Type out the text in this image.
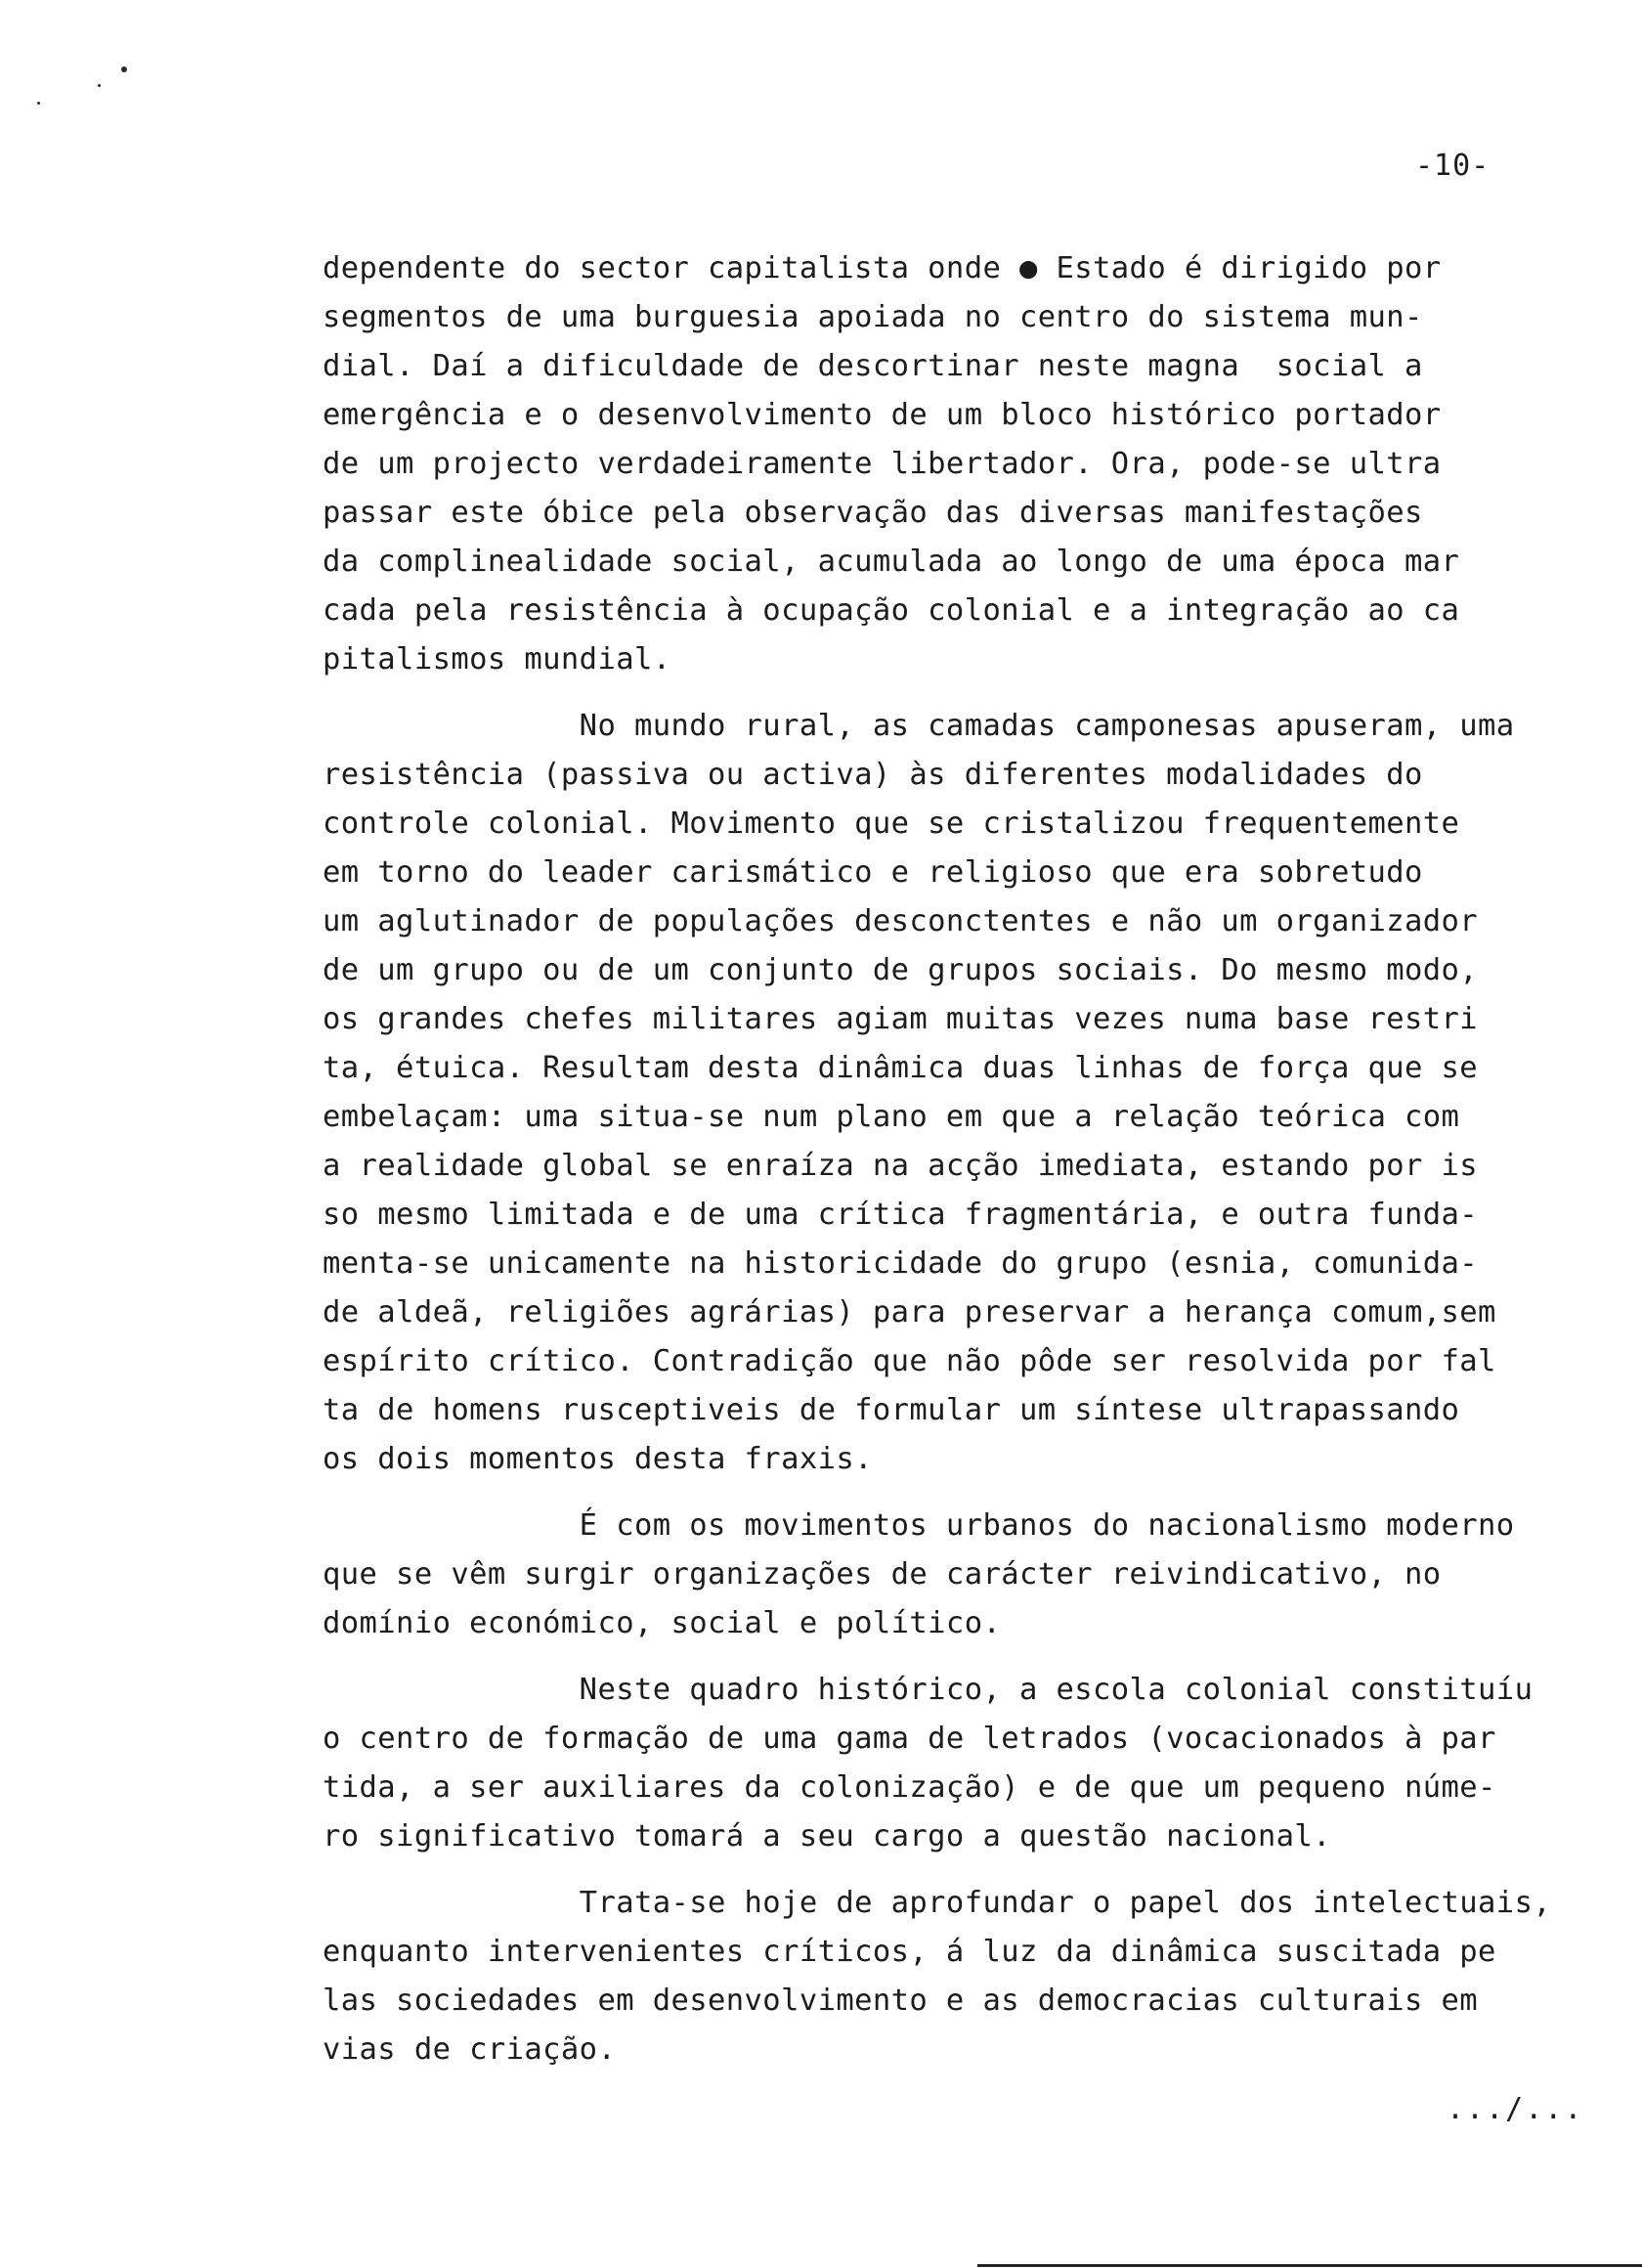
-10-
dependente do sector capitalista onde ● Estado é dirigido por
segmentos de uma burguesia apoiada no centro do sistema mun-
dial. Daí a dificuldade de descortinar neste magna  social a
emergência e o desenvolvimento de um bloco histórico portador
de um projecto verdadeiramente libertador. Ora, pode-se ultra
passar este óbice pela observação das diversas manifestações
da complinealidade social, acumulada ao longo de uma época mar
cada pela resistência à ocupação colonial e a integração ao ca
pitalismos mundial.
No mundo rural, as camadas camponesas apuseram, uma
resistência (passiva ou activa) às diferentes modalidades do
controle colonial. Movimento que se cristalizou frequentemente
em torno do leader carismático e religioso que era sobretudo
um aglutinador de populações desconctentes e não um organizador
de um grupo ou de um conjunto de grupos sociais. Do mesmo modo,
os grandes chefes militares agiam muitas vezes numa base restri
ta, étuica. Resultam desta dinâmica duas linhas de força que se
embelaçam: uma situa-se num plano em que a relação teórica com
a realidade global se enraíza na acção imediata, estando por is
so mesmo limitada e de uma crítica fragmentária, e outra funda-
menta-se unicamente na historicidade do grupo (esnia, comunida-
de aldeã, religiões agrárias) para preservar a herança comum,sem
espírito crítico. Contradição que não pôde ser resolvida por fal
ta de homens rusceptiveis de formular um síntese ultrapassando
os dois momentos desta fraxis.
É com os movimentos urbanos do nacionalismo moderno
que se vêm surgir organizações de carácter reivindicativo, no
domínio económico, social e político.
Neste quadro histórico, a escola colonial constituíu
o centro de formação de uma gama de letrados (vocacionados à par
tida, a ser auxiliares da colonização) e de que um pequeno núme-
ro significativo tomará a seu cargo a questão nacional.
Trata-se hoje de aprofundar o papel dos intelectuais,
enquanto intervenientes críticos, á luz da dinâmica suscitada pe
las sociedades em desenvolvimento e as democracias culturais em
vias de criação.
.../...
